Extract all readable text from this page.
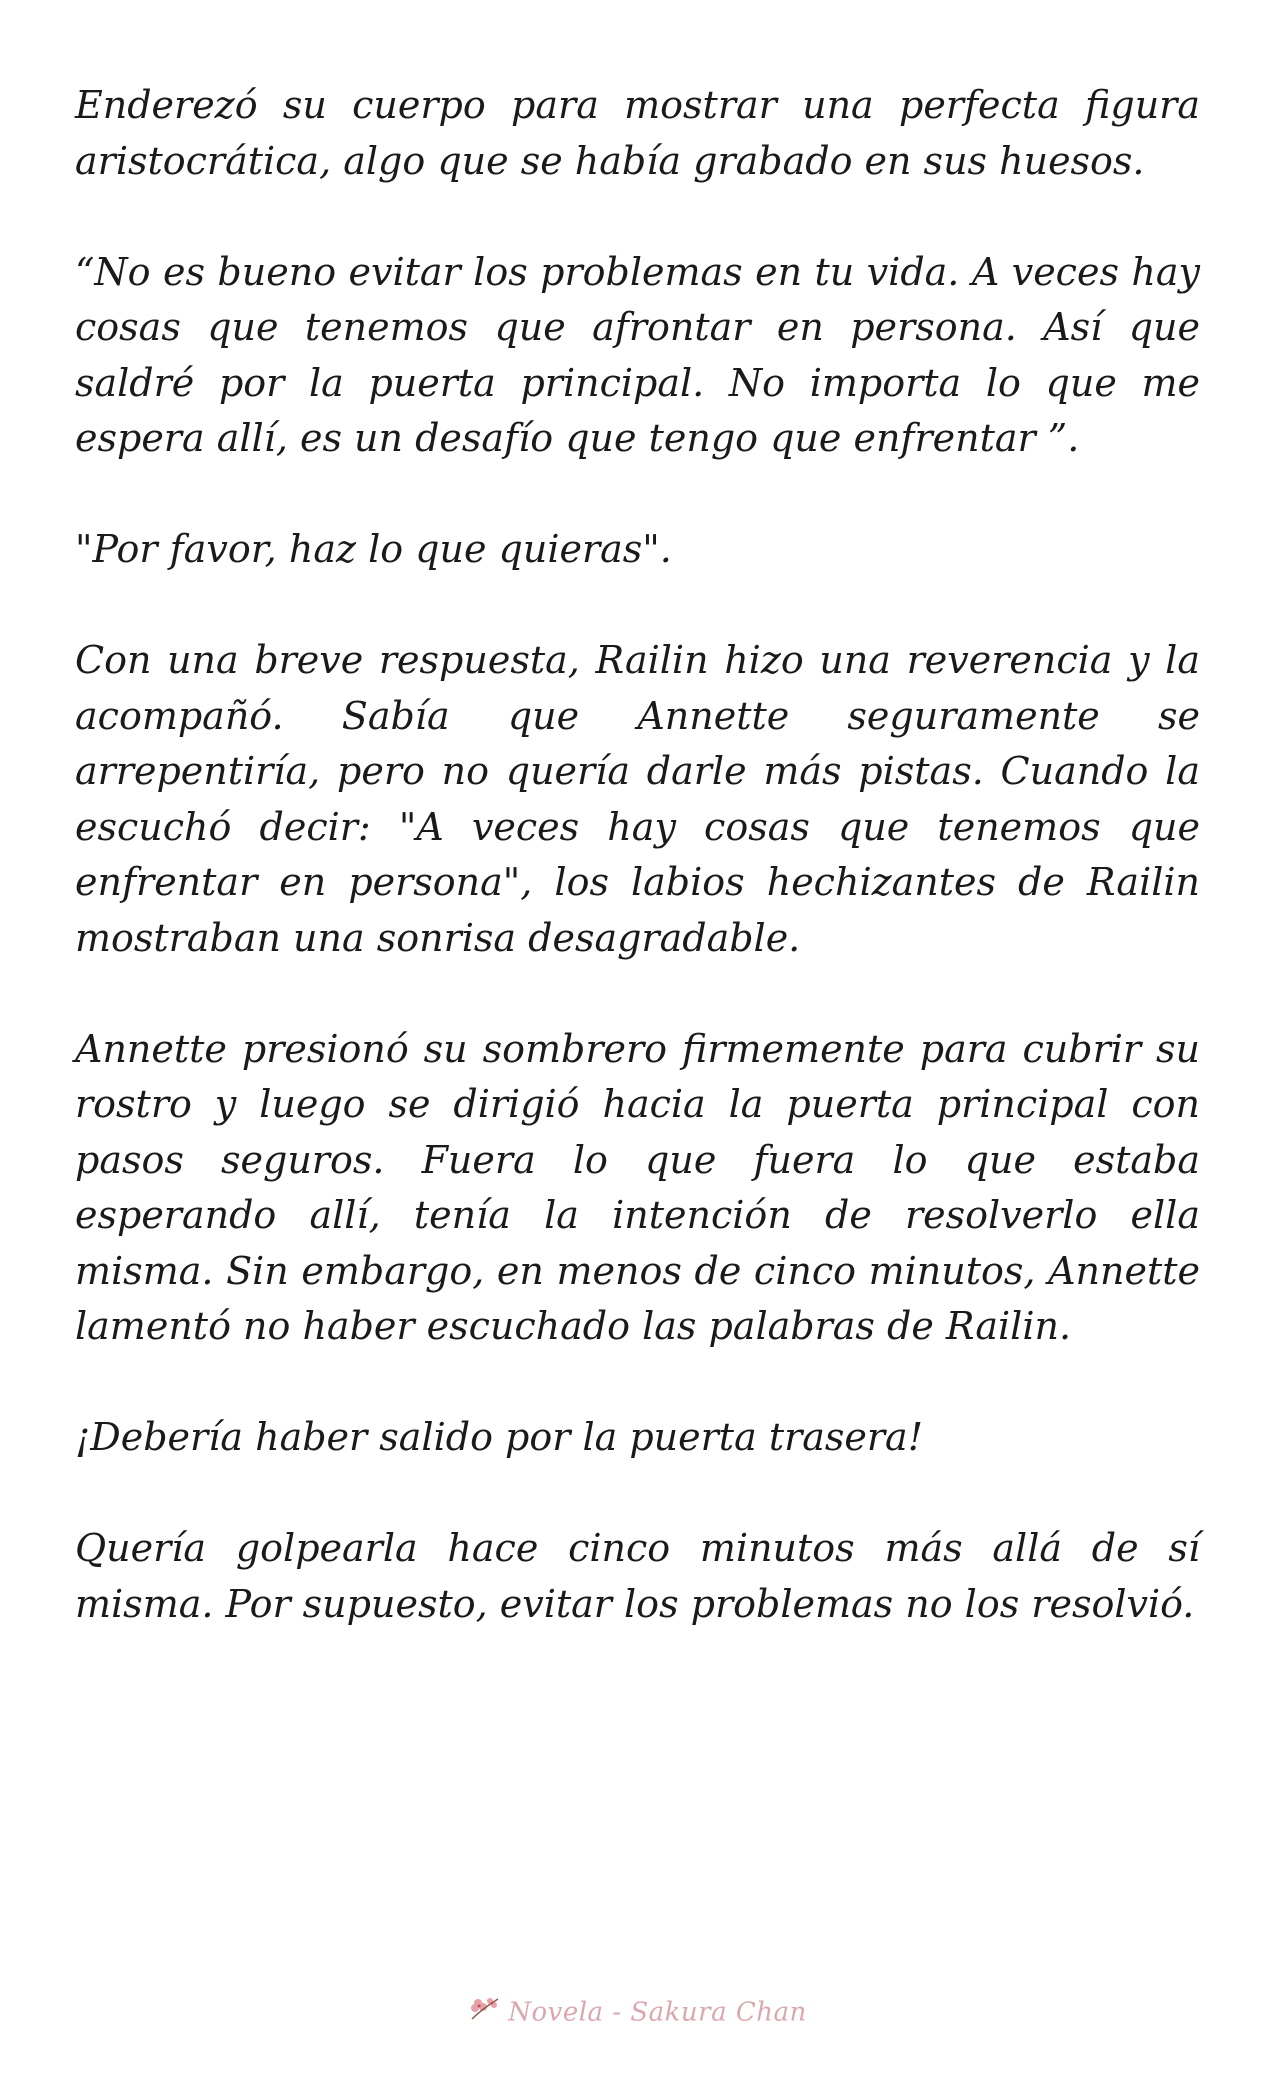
Enderezó su cuerpo para mostrar una perfecta figura aristocrática, algo que se había grabado en sus huesos.

“No es bueno evitar los problemas en tu vida. A veces hay cosas que tenemos que afrontar en persona. Así que saldré por la puerta principal. No importa lo que me espera allí, es un desafío que tengo que enfrentar ”.

"Por favor, haz lo que quieras".

Con una breve respuesta, Railin hizo una reverencia y la acompañó. Sabía que Annette seguramente se arrepentiría, pero no quería darle más pistas. Cuando la escuchó decir: "A veces hay cosas que tenemos que enfrentar en persona", los labios hechizantes de Railin mostraban una sonrisa desagradable.

Annette presionó su sombrero firmemente para cubrir su rostro y luego se dirigió hacia la puerta principal con pasos seguros. Fuera lo que fuera lo que estaba esperando allí, tenía la intención de resolverlo ella misma. Sin embargo, en menos de cinco minutos, Annette lamentó no haber escuchado las palabras de Railin.

¡Debería haber salido por la puerta trasera!

Quería golpearla hace cinco minutos más allá de sí misma. Por supuesto, evitar los problemas no los resolvió.

Novela - Sakura Chan
